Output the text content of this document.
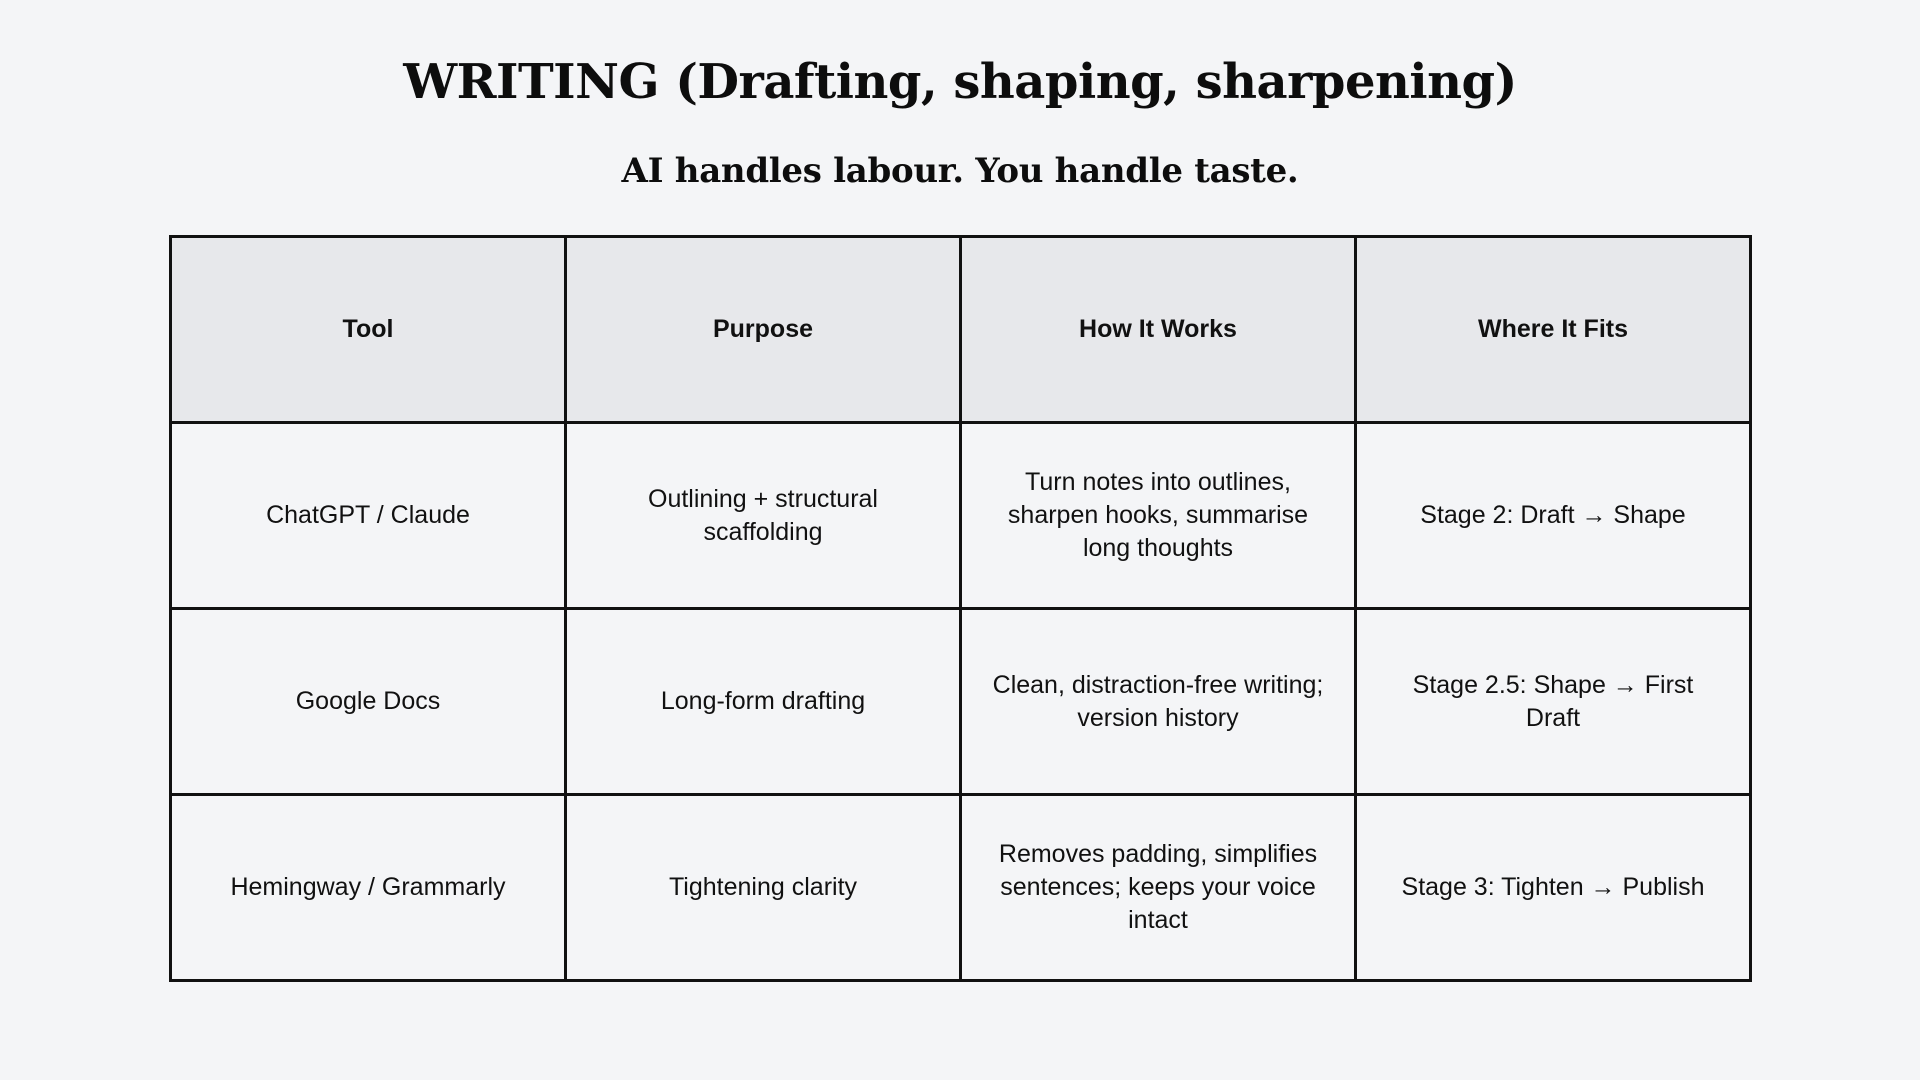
WRITING (Drafting, shaping, sharpening)
AI handles labour. You handle taste.
Tool	Purpose	How It Works	Where It Fits
ChatGPT / Claude	Outlining + structural scaffolding	Turn notes into outlines, sharpen hooks, summarise long thoughts	Stage 2: Draft → Shape
Google Docs	Long-form drafting	Clean, distraction-free writing; version history	Stage 2.5: Shape → First Draft
Hemingway / Grammarly	Tightening clarity	Removes padding, simplifies sentences; keeps your voice intact	Stage 3: Tighten → Publish
